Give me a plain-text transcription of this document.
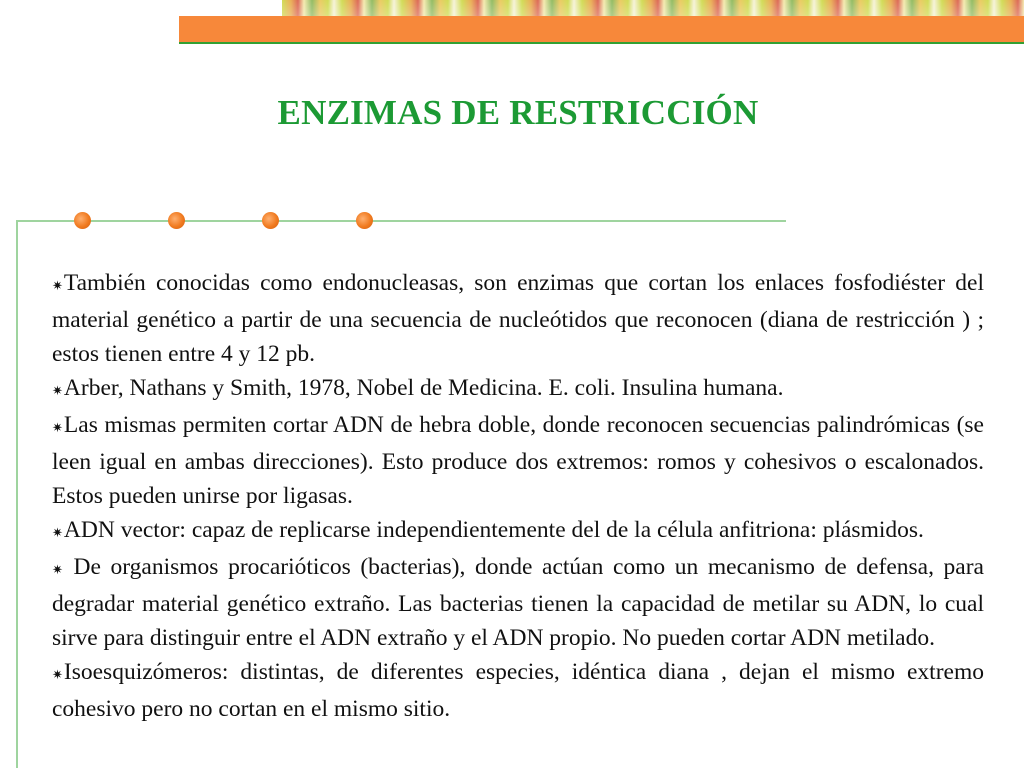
ENZIMAS DE RESTRICCIÓN

✷También conocidas como endonucleasas, son enzimas que cortan los enlaces fosfodiéster del material genético a partir de una secuencia de nucleótidos que reconocen (diana de restricción ) ; estos tienen entre 4 y 12 pb.

✷Arber, Nathans y Smith, 1978, Nobel de Medicina. E. coli. Insulina humana.

✷Las mismas permiten cortar ADN de hebra doble, donde reconocen secuencias palindrómicas (se leen igual en ambas direcciones). Esto produce dos extremos: romos y cohesivos o escalonados. Estos pueden unirse por ligasas.

✷ADN vector: capaz de replicarse independientemente del de la célula anfitriona: plásmidos.

✷ De organismos procarióticos (bacterias), donde actúan como un mecanismo de defensa, para degradar material genético extraño. Las bacterias tienen la capacidad de metilar su ADN, lo cual sirve para distinguir entre el ADN extraño y el ADN propio. No pueden cortar ADN metilado.

✷Isoesquizómeros: distintas, de diferentes especies, idéntica diana , dejan el mismo extremo cohesivo pero no cortan en el mismo sitio.
